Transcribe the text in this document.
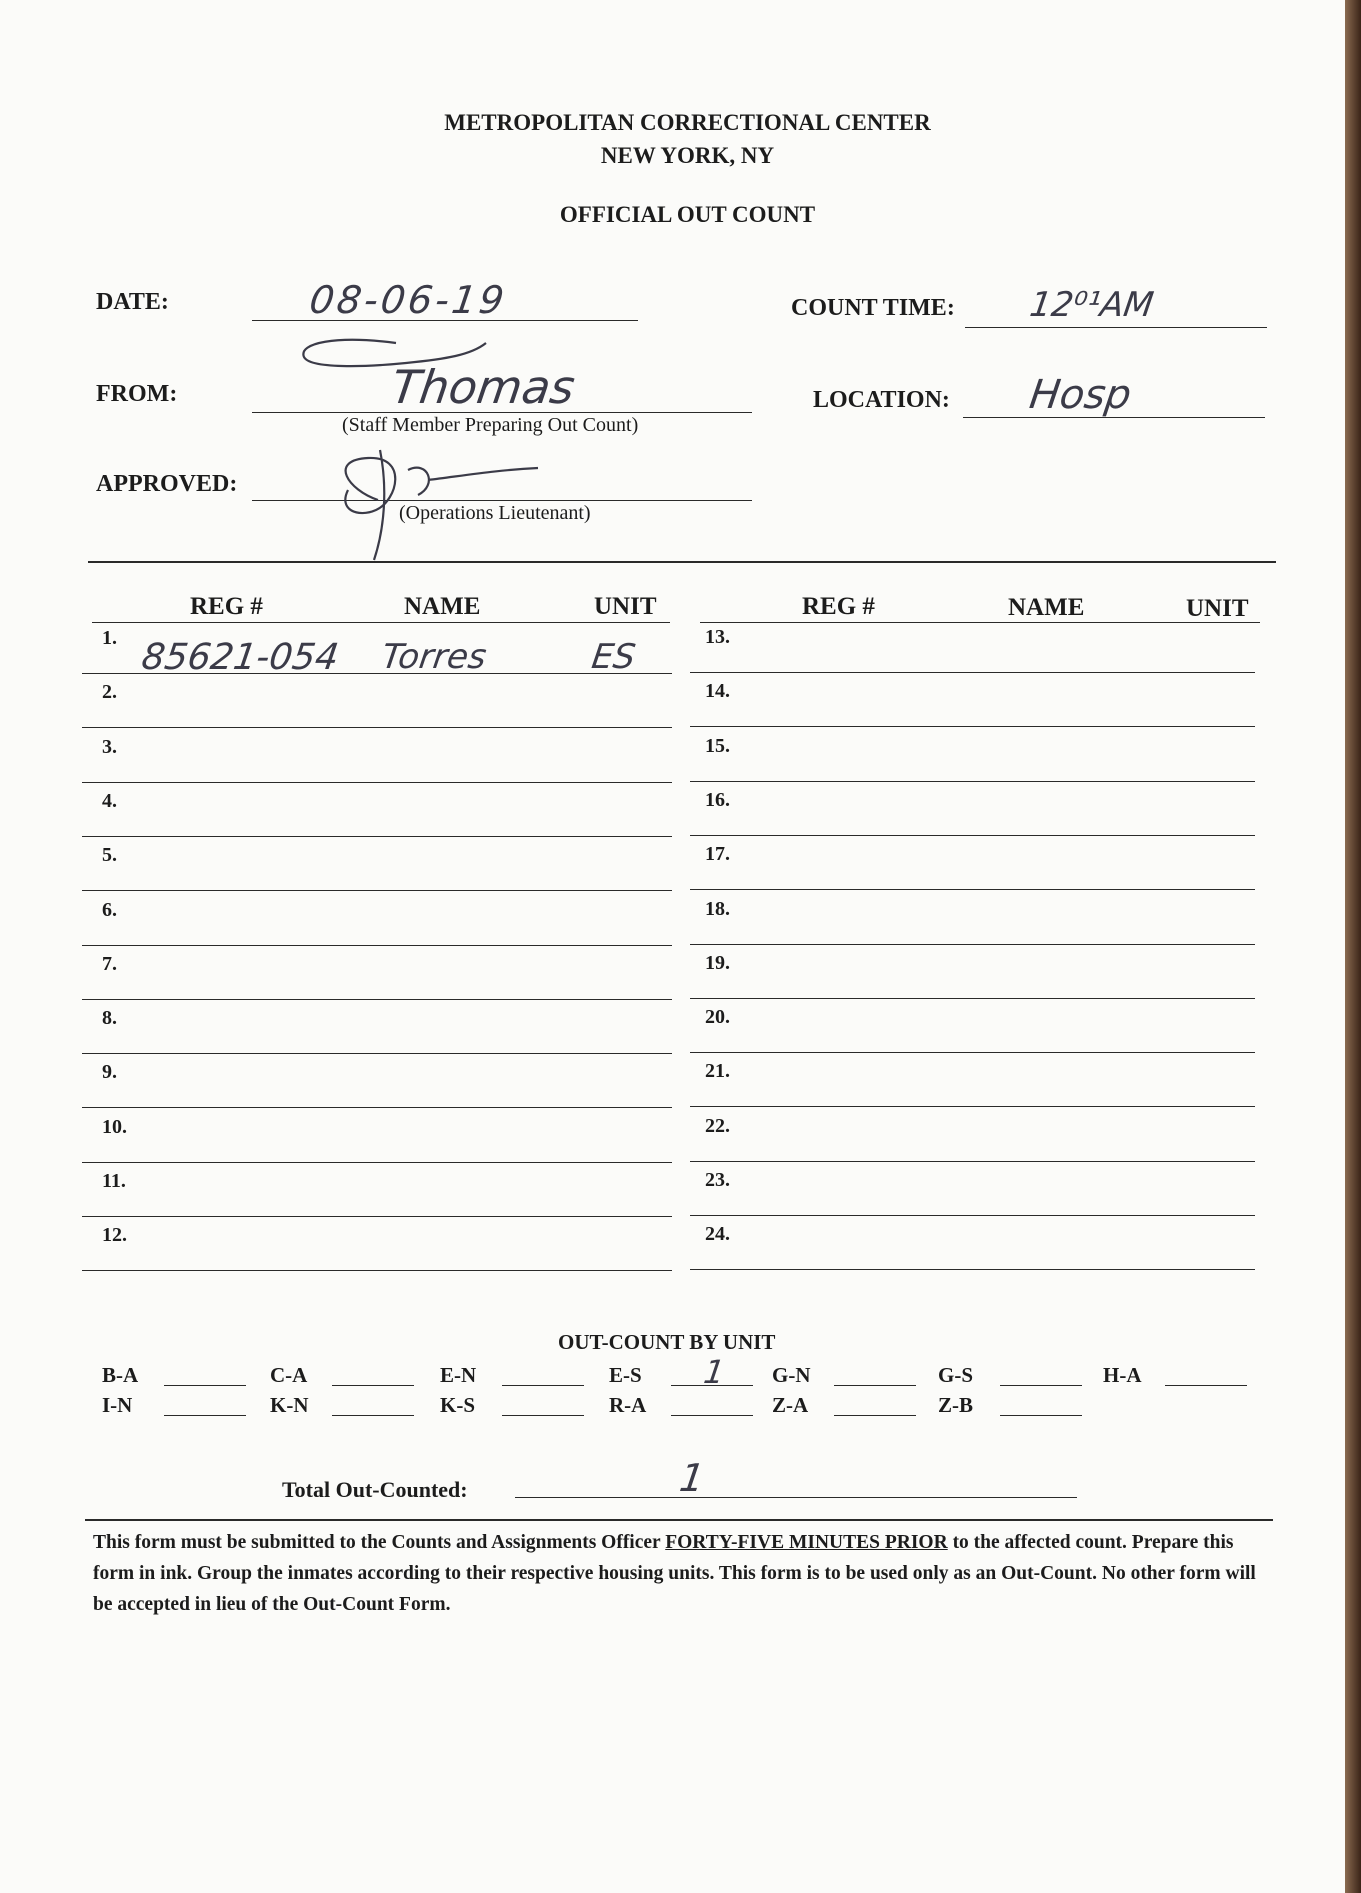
METROPOLITAN CORRECTIONAL CENTER
NEW YORK, NY
OFFICIAL OUT COUNT
DATE:	08-06-19	COUNT TIME: 12⁰¹AM
FROM:	Thomas
(Staff Member Preparing Out Count)
LOCATION: Hosp
APPROVED:
(Operations Lieutenant)
REG #	NAME	UNIT	REG #	NAME	UNIT
1. 85621-054 Torres	ES
2.
3.
4.
5.
6.
7.
8.
9.
10.
11.
12.
13.
14.
15.
16.
17.
18.
19.
20.
21.
22.
23.
24.
OUT-COUNT BY UNIT
B-A	C-A	E-N	E-S 1 G-N	G-S	H-A
I-N	K-N	K-S	R-A	Z-A	Z-B
Total Out-Counted:	1
This form must be submitted to the Counts and Assignments Officer FORTY-FIVE MINUTES PRIOR to the affected count. Prepare this form in ink. Group the inmates according to their respective housing units. This form is to be used only as an Out-Count. No other form will be accepted in lieu of the Out-Count Form.
